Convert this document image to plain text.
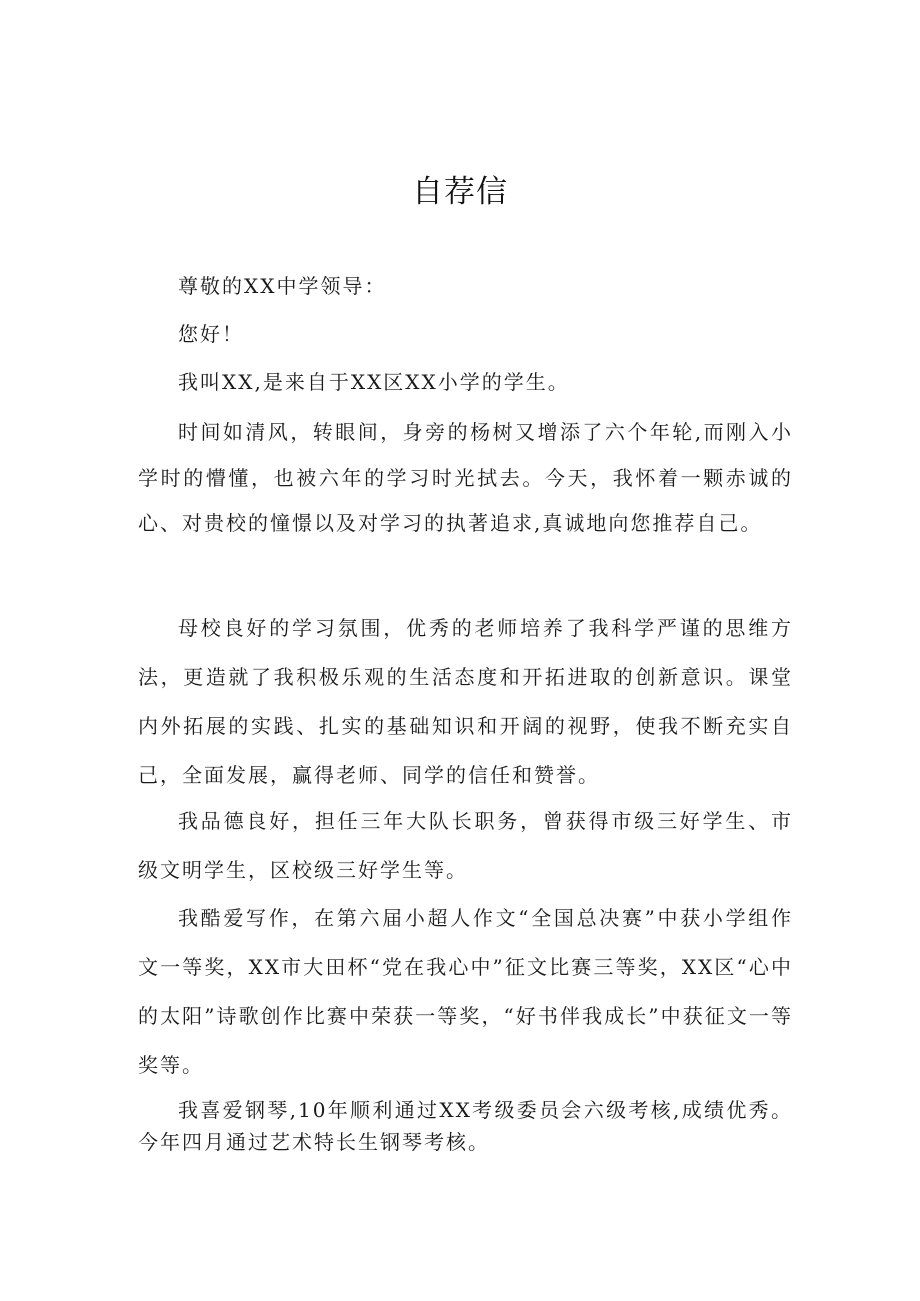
自荐信

尊敬的XX中学领导：

您好！

我叫XX,是来自于XX区XX小学的学生。

时间如清风，转眼间，身旁的杨树又增添了六个年轮,而刚入小学时的懵懂，也被六年的学习时光拭去。今天，我怀着一颗赤诚的心、对贵校的憧憬以及对学习的执著追求,真诚地向您推荐自己。

母校良好的学习氛围，优秀的老师培养了我科学严谨的思维方法，更造就了我积极乐观的生活态度和开拓进取的创新意识。课堂内外拓展的实践、扎实的基础知识和开阔的视野，使我不断充实自己，全面发展，赢得老师、同学的信任和赞誉。

我品德良好，担任三年大队长职务，曾获得市级三好学生、市级文明学生，区校级三好学生等。

我酷爱写作，在第六届小超人作文“全国总决赛”中获小学组作文一等奖，XX市大田杯“党在我心中”征文比赛三等奖，XX区“心中的太阳”诗歌创作比赛中荣获一等奖，“好书伴我成长”中获征文一等奖等。

我喜爱钢琴,10年顺利通过XX考级委员会六级考核,成绩优秀。今年四月通过艺术特长生钢琴考核。
